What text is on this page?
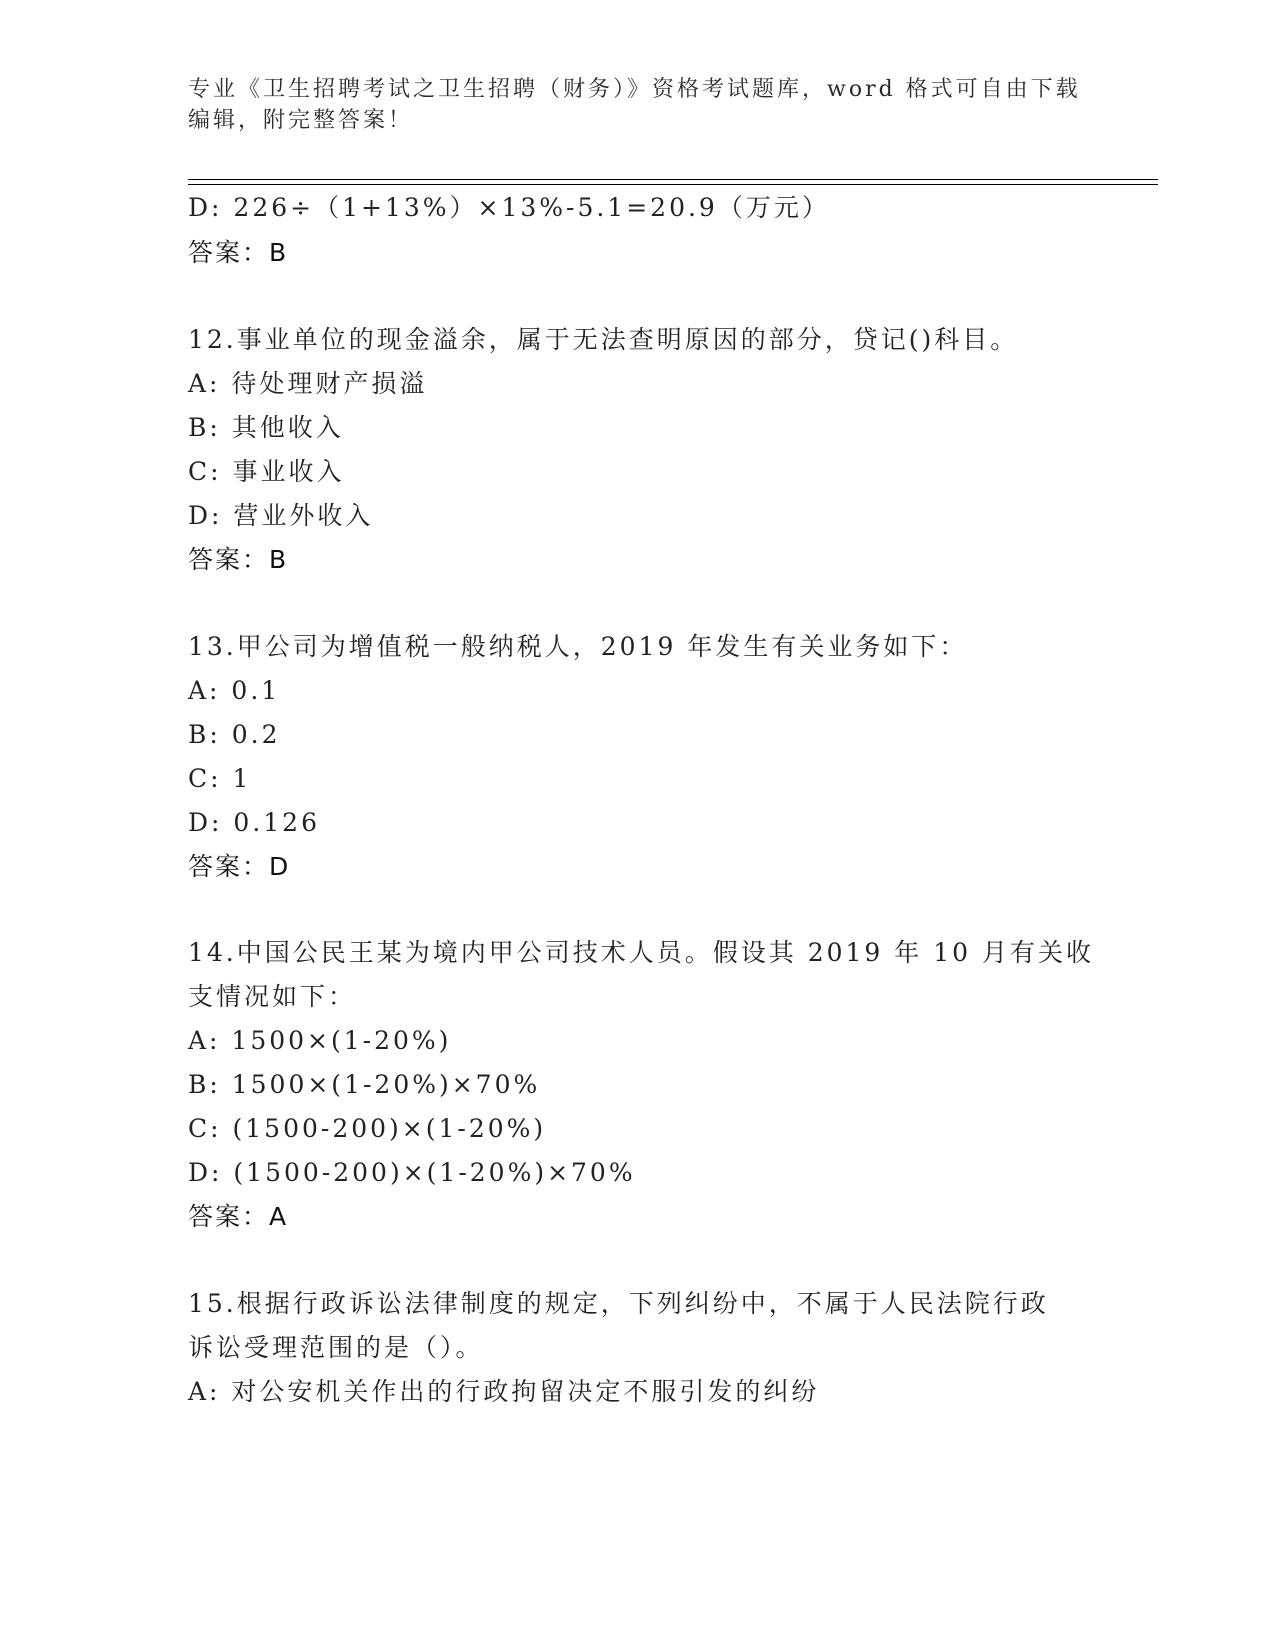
专业《卫生招聘考试之卫生招聘（财务）》资格考试题库，word 格式可自由下载
编辑，附完整答案！
D: 226÷（1+13%）×13%-5.1=20.9（万元）
答案：B
12.事业单位的现金溢余，属于无法查明原因的部分，贷记()科目。
A: 待处理财产损溢
B: 其他收入
C: 事业收入
D: 营业外收入
答案：B
13.甲公司为增值税一般纳税人，2019 年发生有关业务如下：
A: 0.1
B: 0.2
C: 1
D: 0.126
答案：D
14.中国公民王某为境内甲公司技术人员。假设其 2019 年 10 月有关收
支情况如下：
A: 1500×(1-20%)
B: 1500×(1-20%)×70%
C: (1500-200)×(1-20%)
D: (1500-200)×(1-20%)×70%
答案：A
15.根据行政诉讼法律制度的规定，下列纠纷中，不属于人民法院行政
诉讼受理范围的是（）。
A: 对公安机关作出的行政拘留决定不服引发的纠纷
